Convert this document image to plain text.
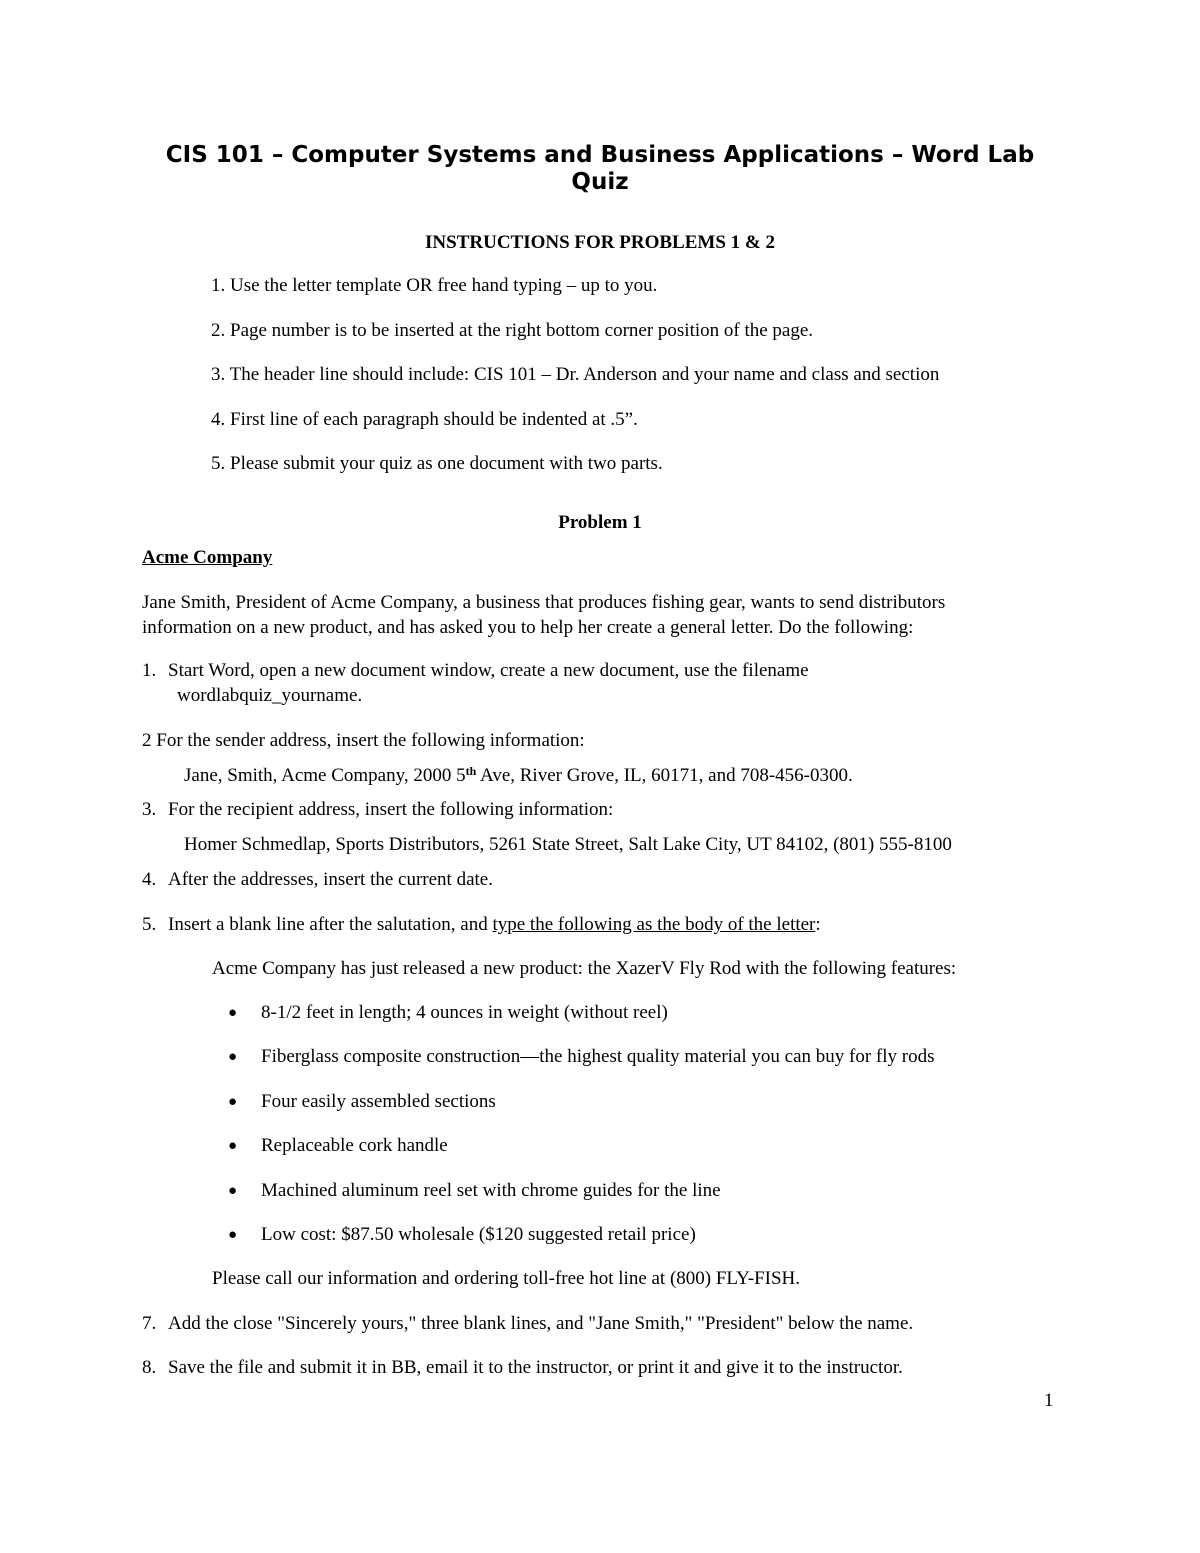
CIS 101 – Computer Systems and Business Applications – Word Lab
Quiz
INSTRUCTIONS FOR PROBLEMS 1 & 2
1. Use the letter template OR free hand typing – up to you.
2. Page number is to be inserted at the right bottom corner position of the page.
3. The header line should include: CIS 101 – Dr. Anderson and your name and class and section
4. First line of each paragraph should be indented at .5”.
5. Please submit your quiz as one document with two parts.
Problem 1
Acme Company
Jane Smith, President of Acme Company, a business that produces fishing gear, wants to send distributors
information on a new product, and has asked you to help her create a general letter. Do the following:
1. Start Word, open a new document window, create a new document, use the filename
wordlabquiz_yourname.
2 For the sender address, insert the following information:
Jane, Smith, Acme Company, 2000 5th Ave, River Grove, IL, 60171, and 708-456-0300.
3. For the recipient address, insert the following information:
Homer Schmedlap, Sports Distributors, 5261 State Street, Salt Lake City, UT 84102, (801) 555-8100
4. After the addresses, insert the current date.
5. Insert a blank line after the salutation, and type the following as the body of the letter:
Acme Company has just released a new product: the XazerV Fly Rod with the following features:
● 8-1/2 feet in length; 4 ounces in weight (without reel)
● Fiberglass composite construction—the highest quality material you can buy for fly rods
● Four easily assembled sections
● Replaceable cork handle
● Machined aluminum reel set with chrome guides for the line
● Low cost: $87.50 wholesale ($120 suggested retail price)
Please call our information and ordering toll-free hot line at (800) FLY-FISH.
7. Add the close "Sincerely yours," three blank lines, and "Jane Smith," "President" below the name.
8. Save the file and submit it in BB, email it to the instructor, or print it and give it to the instructor.
1
